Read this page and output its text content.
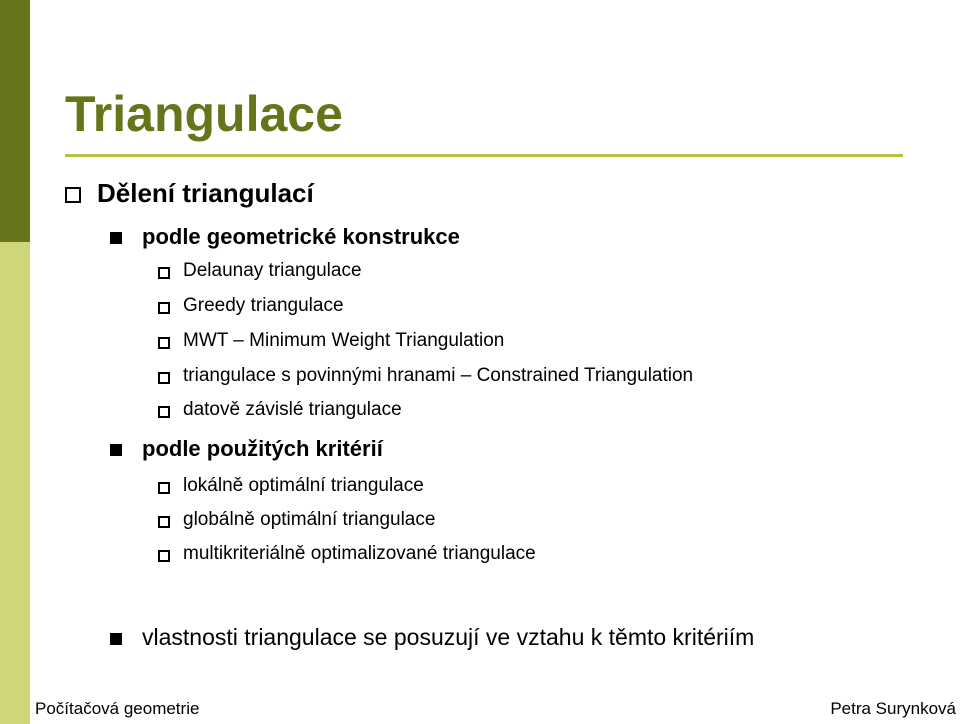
Triangulace
Dělení triangulací
podle geometrické konstrukce
Delaunay triangulace
Greedy triangulace
MWT – Minimum Weight Triangulation
triangulace s povinnými hranami – Constrained Triangulation
datově závislé triangulace
podle použitých kritérií
lokálně optimální triangulace
globálně optimální triangulace
multikriteriálně optimalizované triangulace
vlastnosti triangulace se posuzují ve vztahu k těmto kritériím
Počítačová geometrie	Petra Surynková
